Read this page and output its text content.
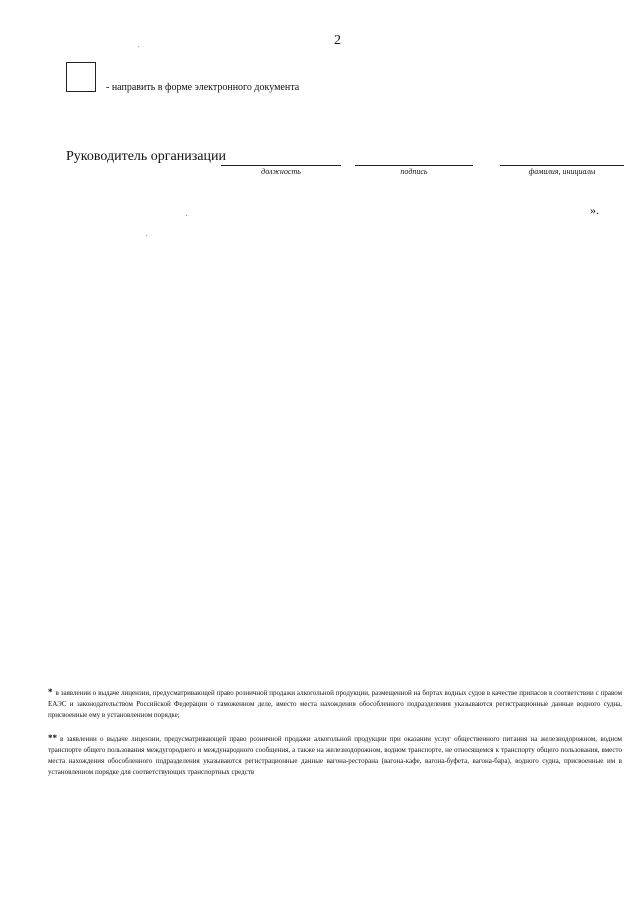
2
- направить в форме электронного документа
Руководитель организации
должность	подпись	фамилия, инициалы
».
* в заявлении о выдаче лицензии, предусматривающей право розничной продажи алкогольной продукции, размещенной на бортах водных судов в качестве припасов в соответствии с правом ЕАЭС и законодательством Российской Федерации о таможенном деле, вместо места нахождения обособленного подразделения указываются регистрационные данные водного судна, присвоенные ему в установленном порядке;
** в заявлении о выдаче лицензии, предусматривающей право розничной продажи алкогольной продукции при оказании услуг общественного питания на железнодорожном, водном транспорте общего пользования междугороднего и международного сообщения, а также на железнодорожном, водном транспорте, не относящемся к транспорту общего пользования, вместо места нахождения обособленного подразделения указываются регистрационные данные вагона-ресторана (вагона-кафе, вагона-буфета, вагона-бара), водного судна, присвоенные им в установленном порядке для соответствующих транспортных средств
